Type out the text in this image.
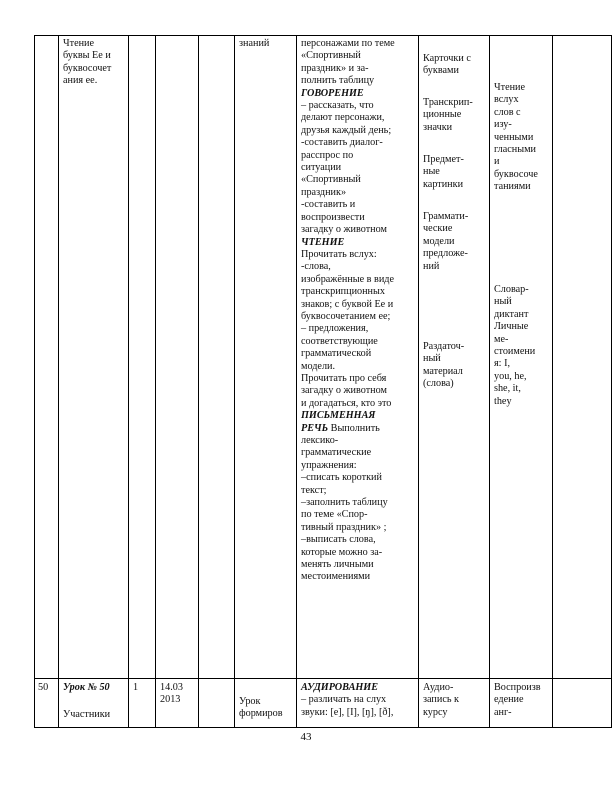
Чтение
буквы Ее и
буквосочет
ания ee.
знаний	персонажами по теме
«Спортивный
праздник» и за-
полнить таблицу
ГОВОРЕНИЕ
– рассказать, что
делают персонажи,
друзья каждый день;
-составить диалог-
расспрос по
ситуации
«Спортивный
праздник»
-составить и
воспроизвести
загадку о животном
ЧТЕНИЕ
Прочитать вслух:
-слова,
изображённые в виде
транскрипционных
знаков; с буквой Ее и
буквосочетанием ee;
– предложения,
соответствующие
грамматической
модели.
Прочитать про себя
загадку о животном
и догадаться, кто это
ПИСЬМЕННАЯ
РЕЧЬ Выполнить
лексико-
грамматические
упражнения:
–списать короткий
текст;
–заполнить таблицу
по теме «Спор-
тивный праздник» ;
–выписать слова,
которые можно за-
менять личными
местоимениями
Карточки с
буквами
Транскрип-
ционные
значки
Предмет-
ные
картинки
Граммати-
ческие
модели
предложе-
ний
Раздаточ-
ный
материал
(слова)
Чтение
вслух
слов с
изу-
ченными
гласными
и
буквосоче
таниями
Словар-
ный
диктант
Личные
ме-
стоимени
я: I,
you, he,
she, it,
they
50 Урок № 50
Участники
1 14.03
2013	Урок
формиров
АУДИРОВАНИЕ
– различать на слух
звуки: [e], [I], [ŋ], [ð],
Аудио-
запись к
курсу
Воспроизв
едение
анг-
43
